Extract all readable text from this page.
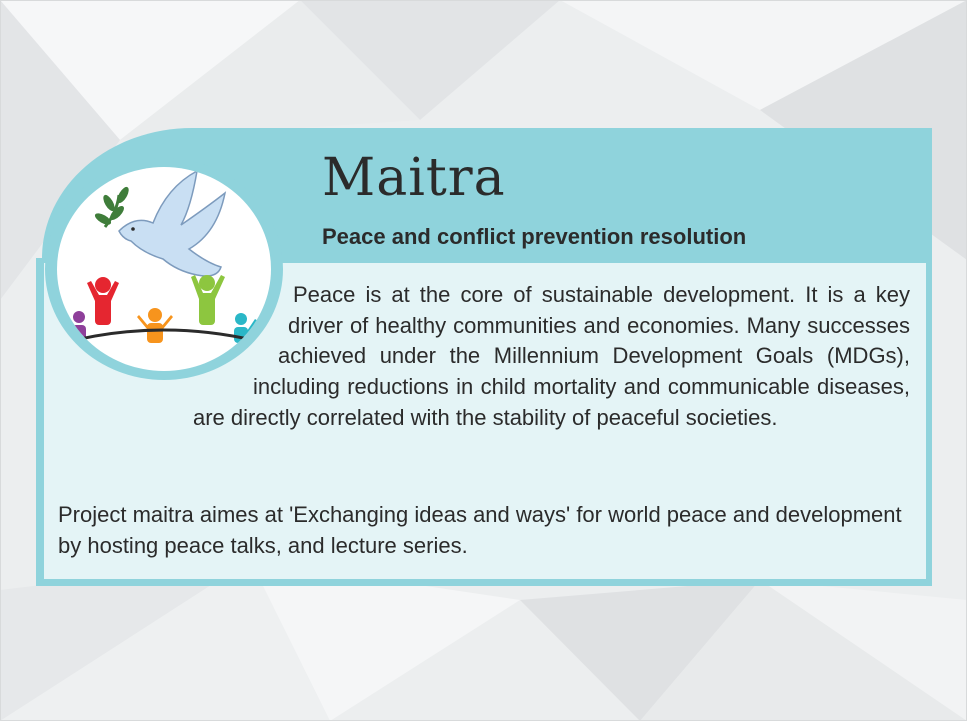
Maitra
Peace and conflict prevention resolution
Peace is at the core of sustainable development. It is a key driver of healthy communities and economies. Many successes achieved under the Millennium Development Goals (MDGs), including reductions in child mortality and communicable diseases, are directly correlated with the stability of peaceful societies.

Project maitra aimes at 'Exchanging ideas and ways' for world peace and development by hosting peace talks, and lecture series.
